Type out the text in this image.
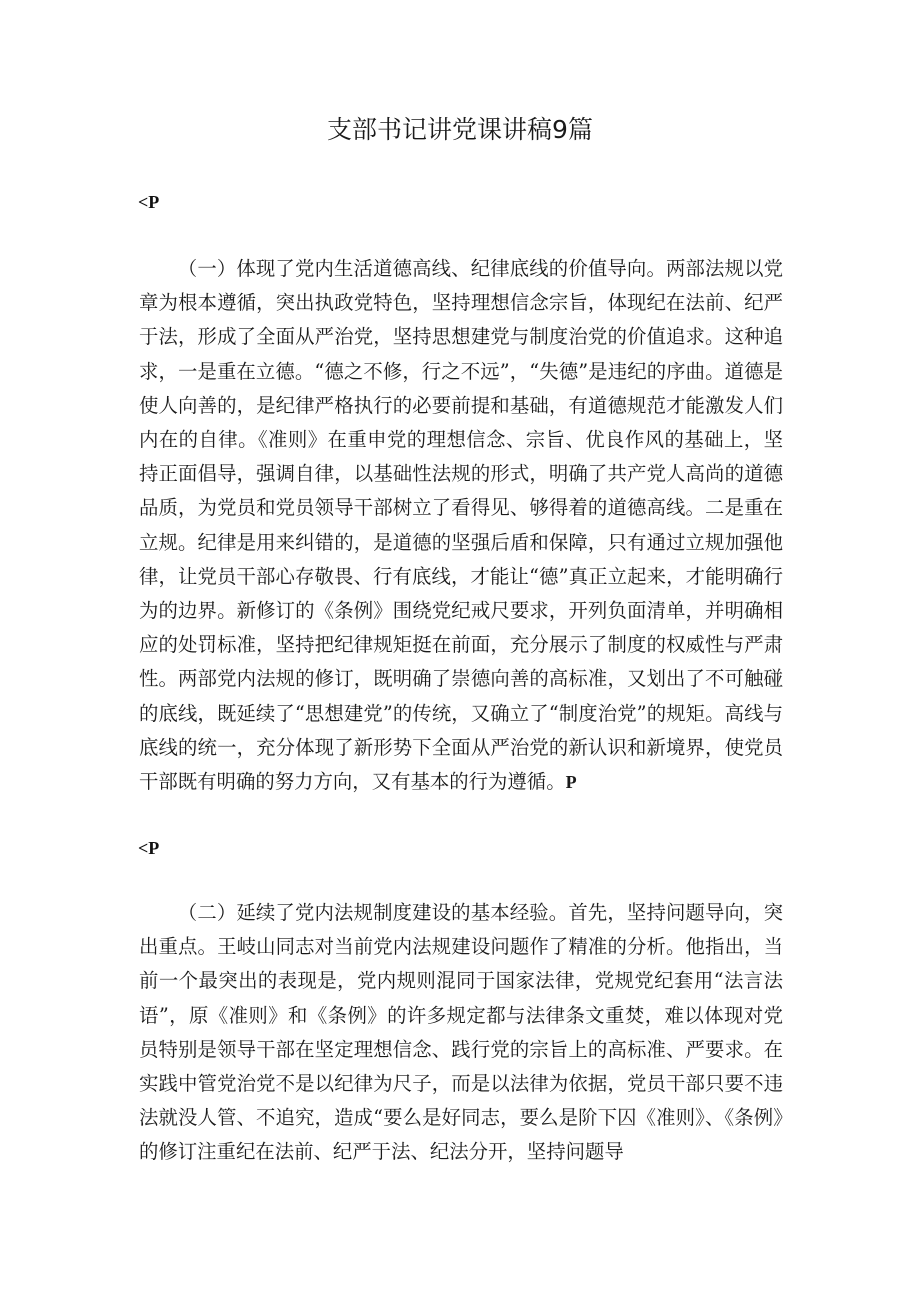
支部书记讲党课讲稿9篇
<P

（一）体现了党内生活道德高线、纪律底线的价值导向。两部法规以党章为根本遵循，突出执政党特色，坚持理想信念宗旨，体现纪在法前、纪严于法，形成了全面从严治党，坚持思想建党与制度治党的价值追求。这种追求，一是重在立德。“德之不修，行之不远”，“失德”是违纪的序曲。道德是使人向善的，是纪律严格执行的必要前提和基础，有道德规范才能激发人们内在的自律。《准则》在重申党的理想信念、宗旨、优良作风的基础上，坚持正面倡导，强调自律，以基础性法规的形式，明确了共产党人高尚的道德品质，为党员和党员领导干部树立了看得见、够得着的道德高线。二是重在立规。纪律是用来纠错的，是道德的坚强后盾和保障，只有通过立规加强他律，让党员干部心存敬畏、行有底线，才能让“德”真正立起来，才能明确行为的边界。新修订的《条例》围绕党纪戒尺要求，开列负面清单，并明确相应的处罚标准，坚持把纪律规矩挺在前面，充分展示了制度的权威性与严肃性。两部党内法规的修订，既明确了崇德向善的高标准，又划出了不可触碰的底线，既延续了“思想建党”的传统，又确立了“制度治党”的规矩。高线与底线的统一，充分体现了新形势下全面从严治党的新认识和新境界，使党员干部既有明确的努力方向，又有基本的行为遵循。P

<P

（二）延续了党内法规制度建设的基本经验。首先，坚持问题导向，突出重点。王岐山同志对当前党内法规建设问题作了精准的分析。他指出，当前一个最突出的表现是，党内规则混同于国家法律，党规党纪套用“法言法语”，原《准则》和《条例》的许多规定都与法律条文重焚，难以体现对党员特别是领导干部在坚定理想信念、践行党的宗旨上的高标准、严要求。在实践中管党治党不是以纪律为尺子，而是以法律为依据，党员干部只要不违法就没人管、不追究，造成“要么是好同志，要么是阶下囚《准则》、《条例》的修订注重纪在法前、纪严于法、纪法分开，坚持问题导
